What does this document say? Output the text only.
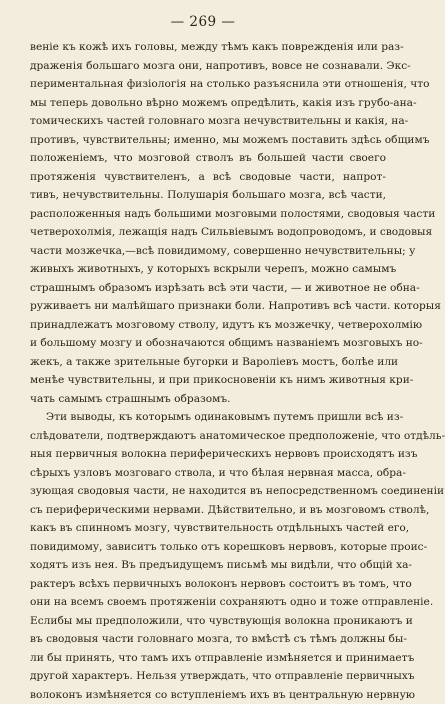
— 269 —
веніе къ кожѣ ихъ головы, между тѣмъ какъ поврежденія или раз-
драженія большаго мозга они, напротивъ, вовсе не сознавали. Экс-
периментальная физіологія на столько разъяснила эти отношенія, что
мы теперь довольно вѣрно можемъ опредѣлить, какія изъ грубо-ана-
томическихъ частей головнаго мозга нечувствительны и какія, на-
противъ, чувствительны; именно, мы можемъ поставить здѣсь общимъ
положеніемъ, что мозговой стволъ въ большей части своего
протяженія чувствителенъ, а всѣ сводовые части, напрот-
тивъ, нечувствительны. Полушарія большаго мозга, всѣ части,
расположенныя надъ большими мозговыми полостями, сводовыя части
четверохолмія, лежащія надъ Сильвіевымъ водопроводомъ, и сводовыя
части мозжечка,—всѣ повидимому, совершенно нечувствительны; у
живыхъ животныхъ, у которыхъ вскрыли черепъ, можно самымъ
страшнымъ образомъ изрѣзать всѣ эти части, — и животное не обна-
руживаетъ ни малѣйшаго признаки боли. Напротивъ всѣ части. которыя
принадлежатъ мозговому стволу, идутъ къ мозжечку, четверохолмію
и большому мозгу и обозначаются общимъ названіемъ мозговыхъ но-
жекъ, а также зрительные бугорки и Вароліевъ мостъ, болѣе или
менѣе чувствительны, и при прикосновеніи къ нимъ животныя кри-
чать самымъ страшнымъ образомъ.
Эти выводы, къ которымъ одинаковымъ путемъ пришли всѣ из-
слѣдователи, подтверждаютъ анатомическое предположеніе, что отдѣль-
ныя первичныя волокна периферическихъ нервовъ происходятъ изъ
сѣрыхъ узловъ мозговаго ствола, и что бѣлая нервная масса, обра-
зующая сводовыя части, не находится въ непосредственномъ соединеніи
съ периферическими нервами. Дѣйствительно, и въ мозговомъ стволѣ,
какъ въ спинномъ мозгу, чувствительность отдѣльныхъ частей его,
повидимому, зависитъ только отъ корешковъ нервовъ, которые проис-
ходятъ изъ нея. Въ предъидущемъ письмѣ мы видѣли, что общій ха-
рактеръ всѣхъ первичныхъ волоконъ нервовъ состоитъ въ томъ, что
они на всемъ своемъ протяженіи сохраняютъ одно и тоже отправленіе.
Еслибы мы предположили, что чувствующія волокна проникаютъ и
въ сводовыя части головнаго мозга, то вмѣстѣ съ тѣмъ должны бы-
ли бы принять, что тамъ ихъ отправленіе измѣняется и принимаетъ
другой характеръ. Нельзя утверждать, что отправленіе первичныхъ
волоконъ измѣняется со вступленіемъ ихъ въ центральную нервную
